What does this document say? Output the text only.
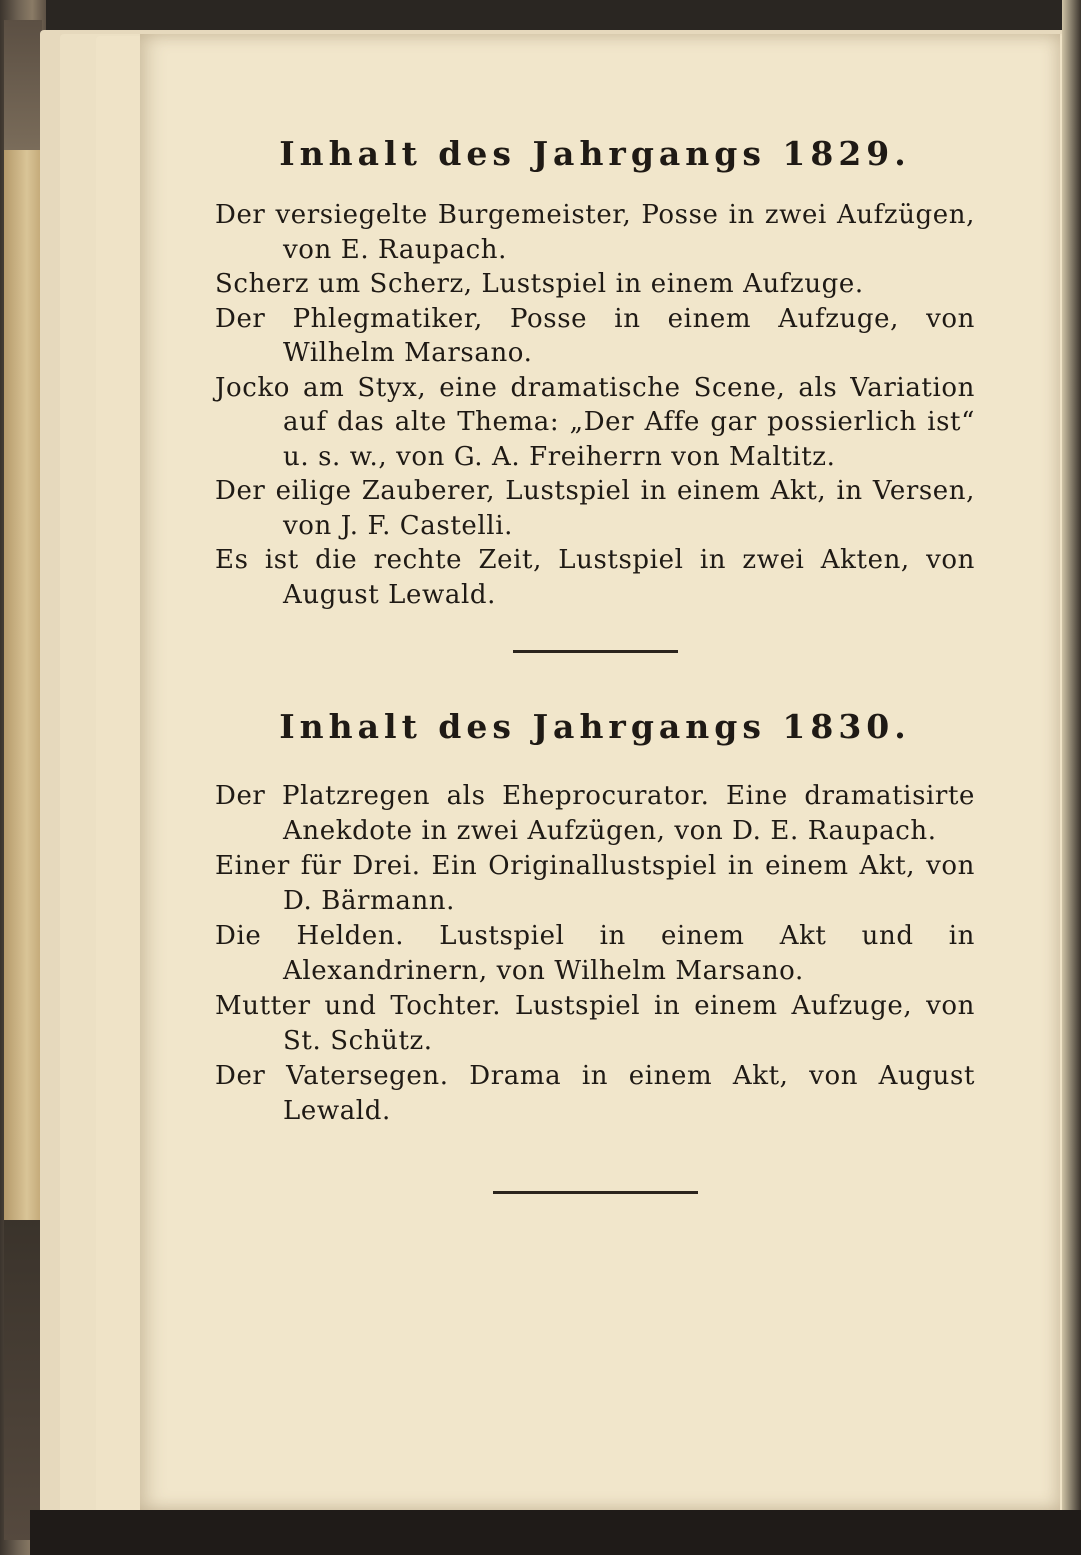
Inhalt des Jahrgangs 1829.

Der versiegelte Burgemeister, Posse in zwei Aufzügen, von E. Raupach.

Scherz um Scherz, Lustspiel in einem Aufzuge.

Der Phlegmatiker, Posse in einem Aufzuge, von Wilhelm Marsano.

Jocko am Styx, eine dramatische Scene, als Variation auf das alte Thema: „Der Affe gar possierlich ist“ u. s. w., von G. A. Freiherrn von Maltitz.

Der eilige Zauberer, Lustspiel in einem Akt, in Versen, von J. F. Castelli.

Es ist die rechte Zeit, Lustspiel in zwei Akten, von August Lewald.

Inhalt des Jahrgangs 1830.

Der Platzregen als Eheprocurator. Eine dramatisirte Anekdote in zwei Aufzügen, von D. E. Raupach.

Einer für Drei. Ein Originallustspiel in einem Akt, von D. Bärmann.

Die Helden. Lustspiel in einem Akt und in Alexandrinern, von Wilhelm Marsano.

Mutter und Tochter. Lustspiel in einem Aufzuge, von St. Schütz.

Der Vatersegen. Drama in einem Akt, von August Lewald.
